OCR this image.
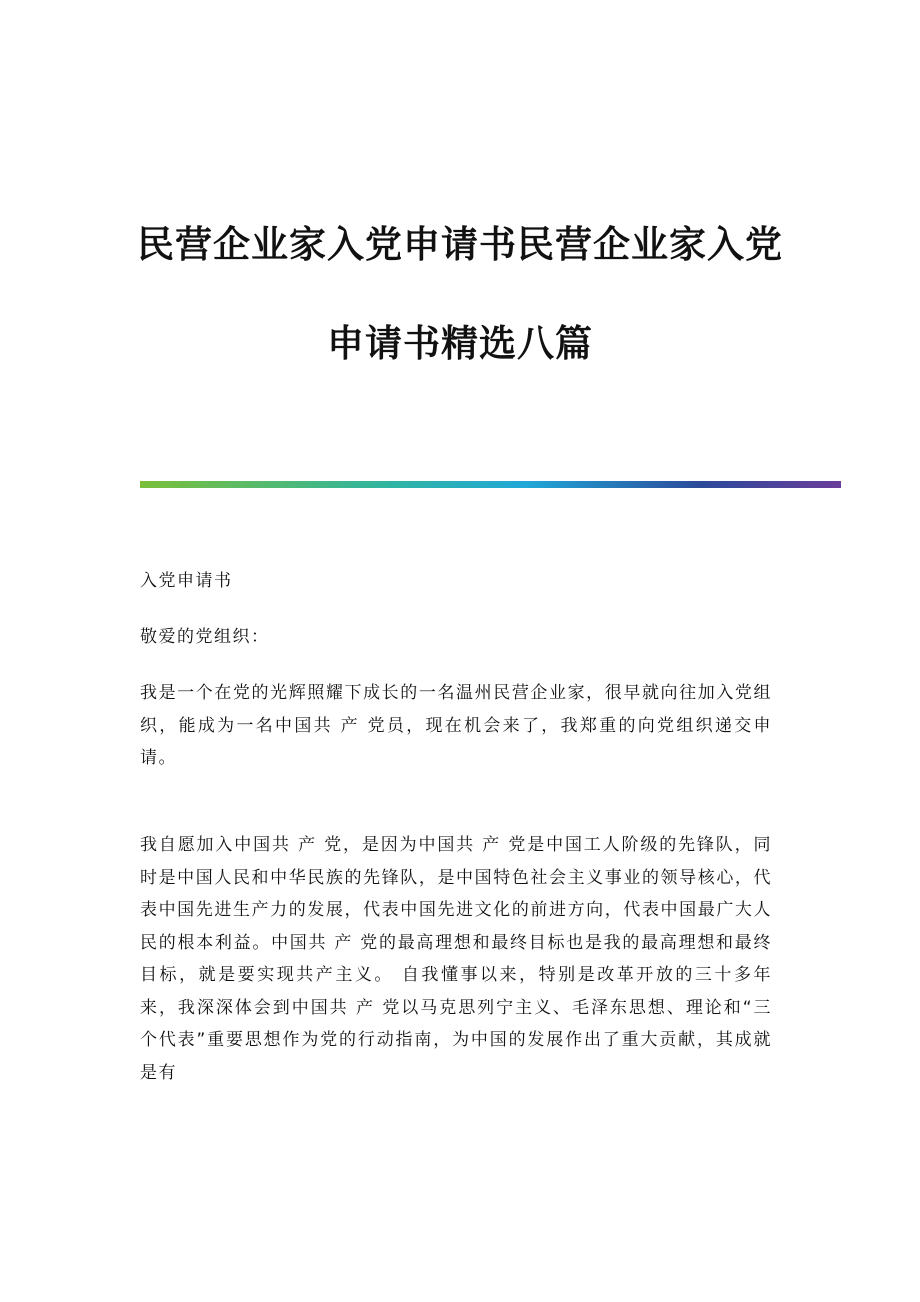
民营企业家入党申请书民营企业家入党
申请书精选八篇
入党申请书
敬爱的党组织：
我是一个在党的光辉照耀下成长的一名温州民营企业家，很早就向往加入党组织，能成为一名中国共 产 党员，现在机会来了，我郑重的向党组织递交申请。
我自愿加入中国共 产 党，是因为中国共 产 党是中国工人阶级的先锋队，同时是中国人民和中华民族的先锋队，是中国特色社会主义事业的领导核心，代表中国先进生产力的发展，代表中国先进文化的前进方向，代表中国最广大人民的根本利益。中国共 产 党的最高理想和最终目标也是我的最高理想和最终目标，就是要实现共产主义。 自我懂事以来，特别是改革开放的三十多年来，我深深体会到中国共 产 党以马克思列宁主义、毛泽东思想、理论和“三个代表”重要思想作为党的行动指南，为中国的发展作出了重大贡献，其成就是有
